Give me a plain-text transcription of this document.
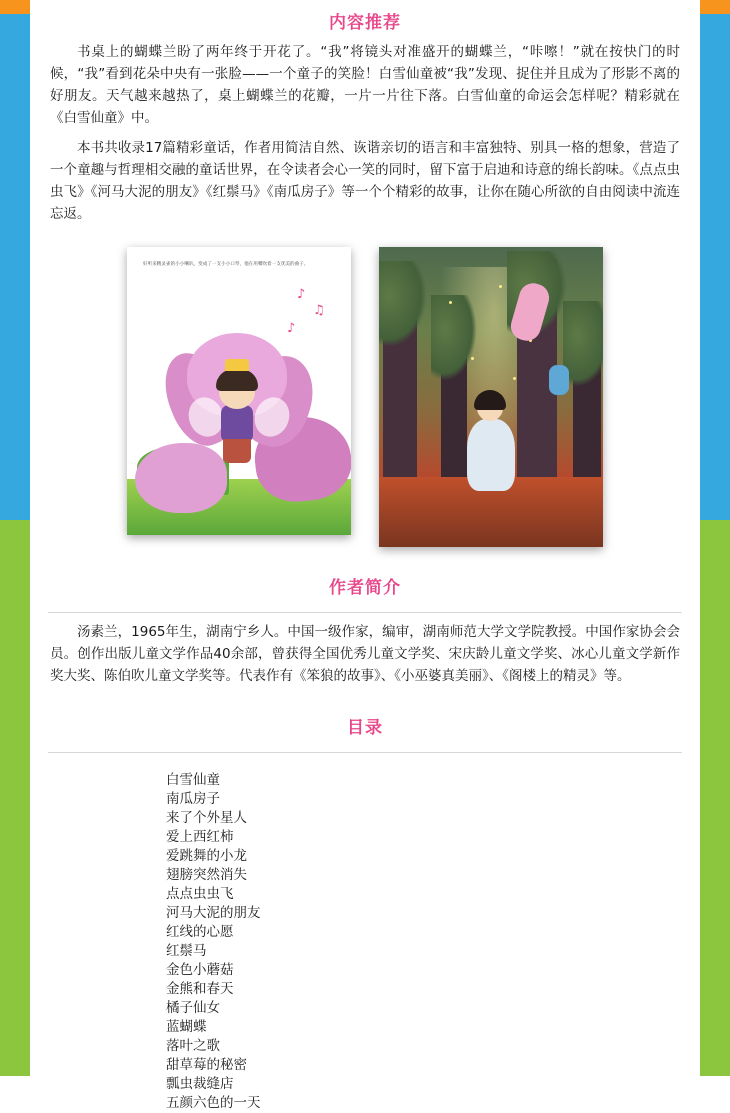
内容推荐

书桌上的蝴蝶兰盼了两年终于开花了。“我”将镜头对准盛开的蝴蝶兰，“咔嚓！”就在按快门的时候，“我”看到花朵中央有一张脸——一个童子的笑脸！白雪仙童被“我”发现、捉住并且成为了形影不离的好朋友。天气越来越热了，桌上蝴蝶兰的花瓣，一片一片往下落。白雪仙童的命运会怎样呢？精彩就在《白雪仙童》中。

本书共收录17篇精彩童话，作者用简洁自然、诙谐亲切的语言和丰富独特、别具一格的想象，营造了一个童趣与哲理相交融的童话世界，在令读者会心一笑的同时，留下富于启迪和诗意的绵长韵味。《点点虫虫飞》《河马大泥的朋友》《红鬃马》《南瓜房子》等一个个精彩的故事，让你在随心所欲的自由阅读中流连忘返。

好听来精灵雀的小小喇叭，变成了一支小小口琴，他在用嘴吹着一支优美的曲子。
♪
♫
♪
作者简介

汤素兰，1965年生，湖南宁乡人。中国一级作家，编审，湖南师范大学文学院教授。中国作家协会会员。创作出版儿童文学作品40余部，曾获得全国优秀儿童文学奖、宋庆龄儿童文学奖、冰心儿童文学新作奖大奖、陈伯吹儿童文学奖等。代表作有《笨狼的故事》、《小巫婆真美丽》、《阁楼上的精灵》等。

目录
白雪仙童
南瓜房子
来了个外星人
爱上西红柿
爱跳舞的小龙
翅膀突然消失
点点虫虫飞
河马大泥的朋友
红线的心愿
红鬃马
金色小蘑菇
金熊和春天
橘子仙女
蓝蝴蝶
落叶之歌
甜草莓的秘密
瓢虫裁缝店
五颜六色的一天
